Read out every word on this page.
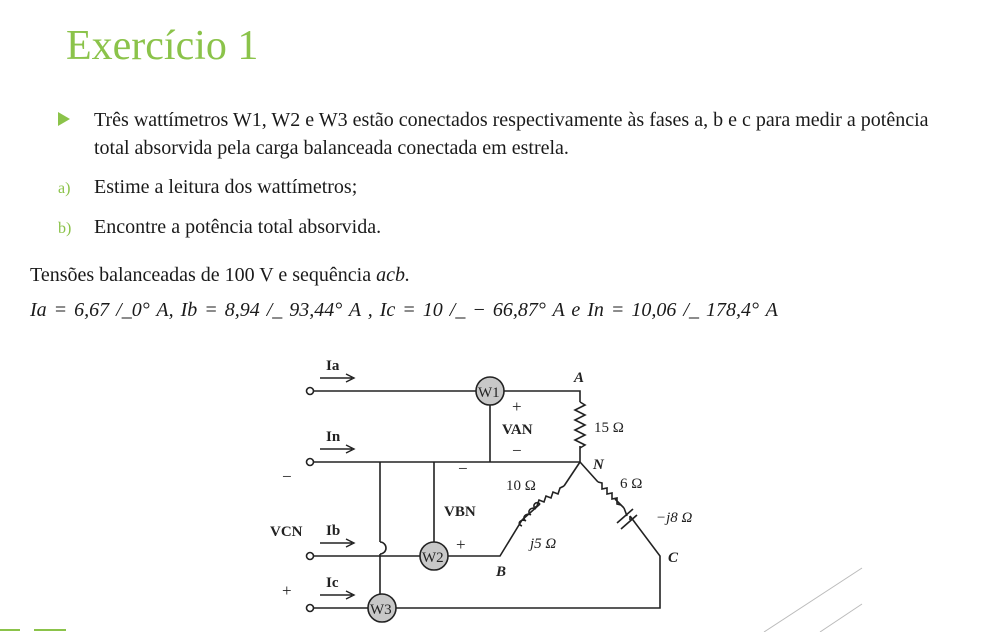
Exercício 1
Três wattímetros W1, W2 e W3 estão conectados respectivamente às fases a, b e c para medir a potência total absorvida pela carga balanceada conectada em estrela.
a) Estime a leitura dos wattímetros;
b) Encontre a potência total absorvida.
Tensões balanceadas de 100 V e sequência acb.
Ia = 6,67 /_0° A, Ib = 8,94 /_ 93,44° A , Ic = 10 /_ − 66,87° A e In = 10,06 /_ 178,4° A
W1
W2
W3
Ia
In
Ib
Ic
A
N
B
C
VAN
VBN
VCN
15 Ω
10 Ω	6 Ω
−j8 Ω
j5 Ω
+
−
−
+
−
+
